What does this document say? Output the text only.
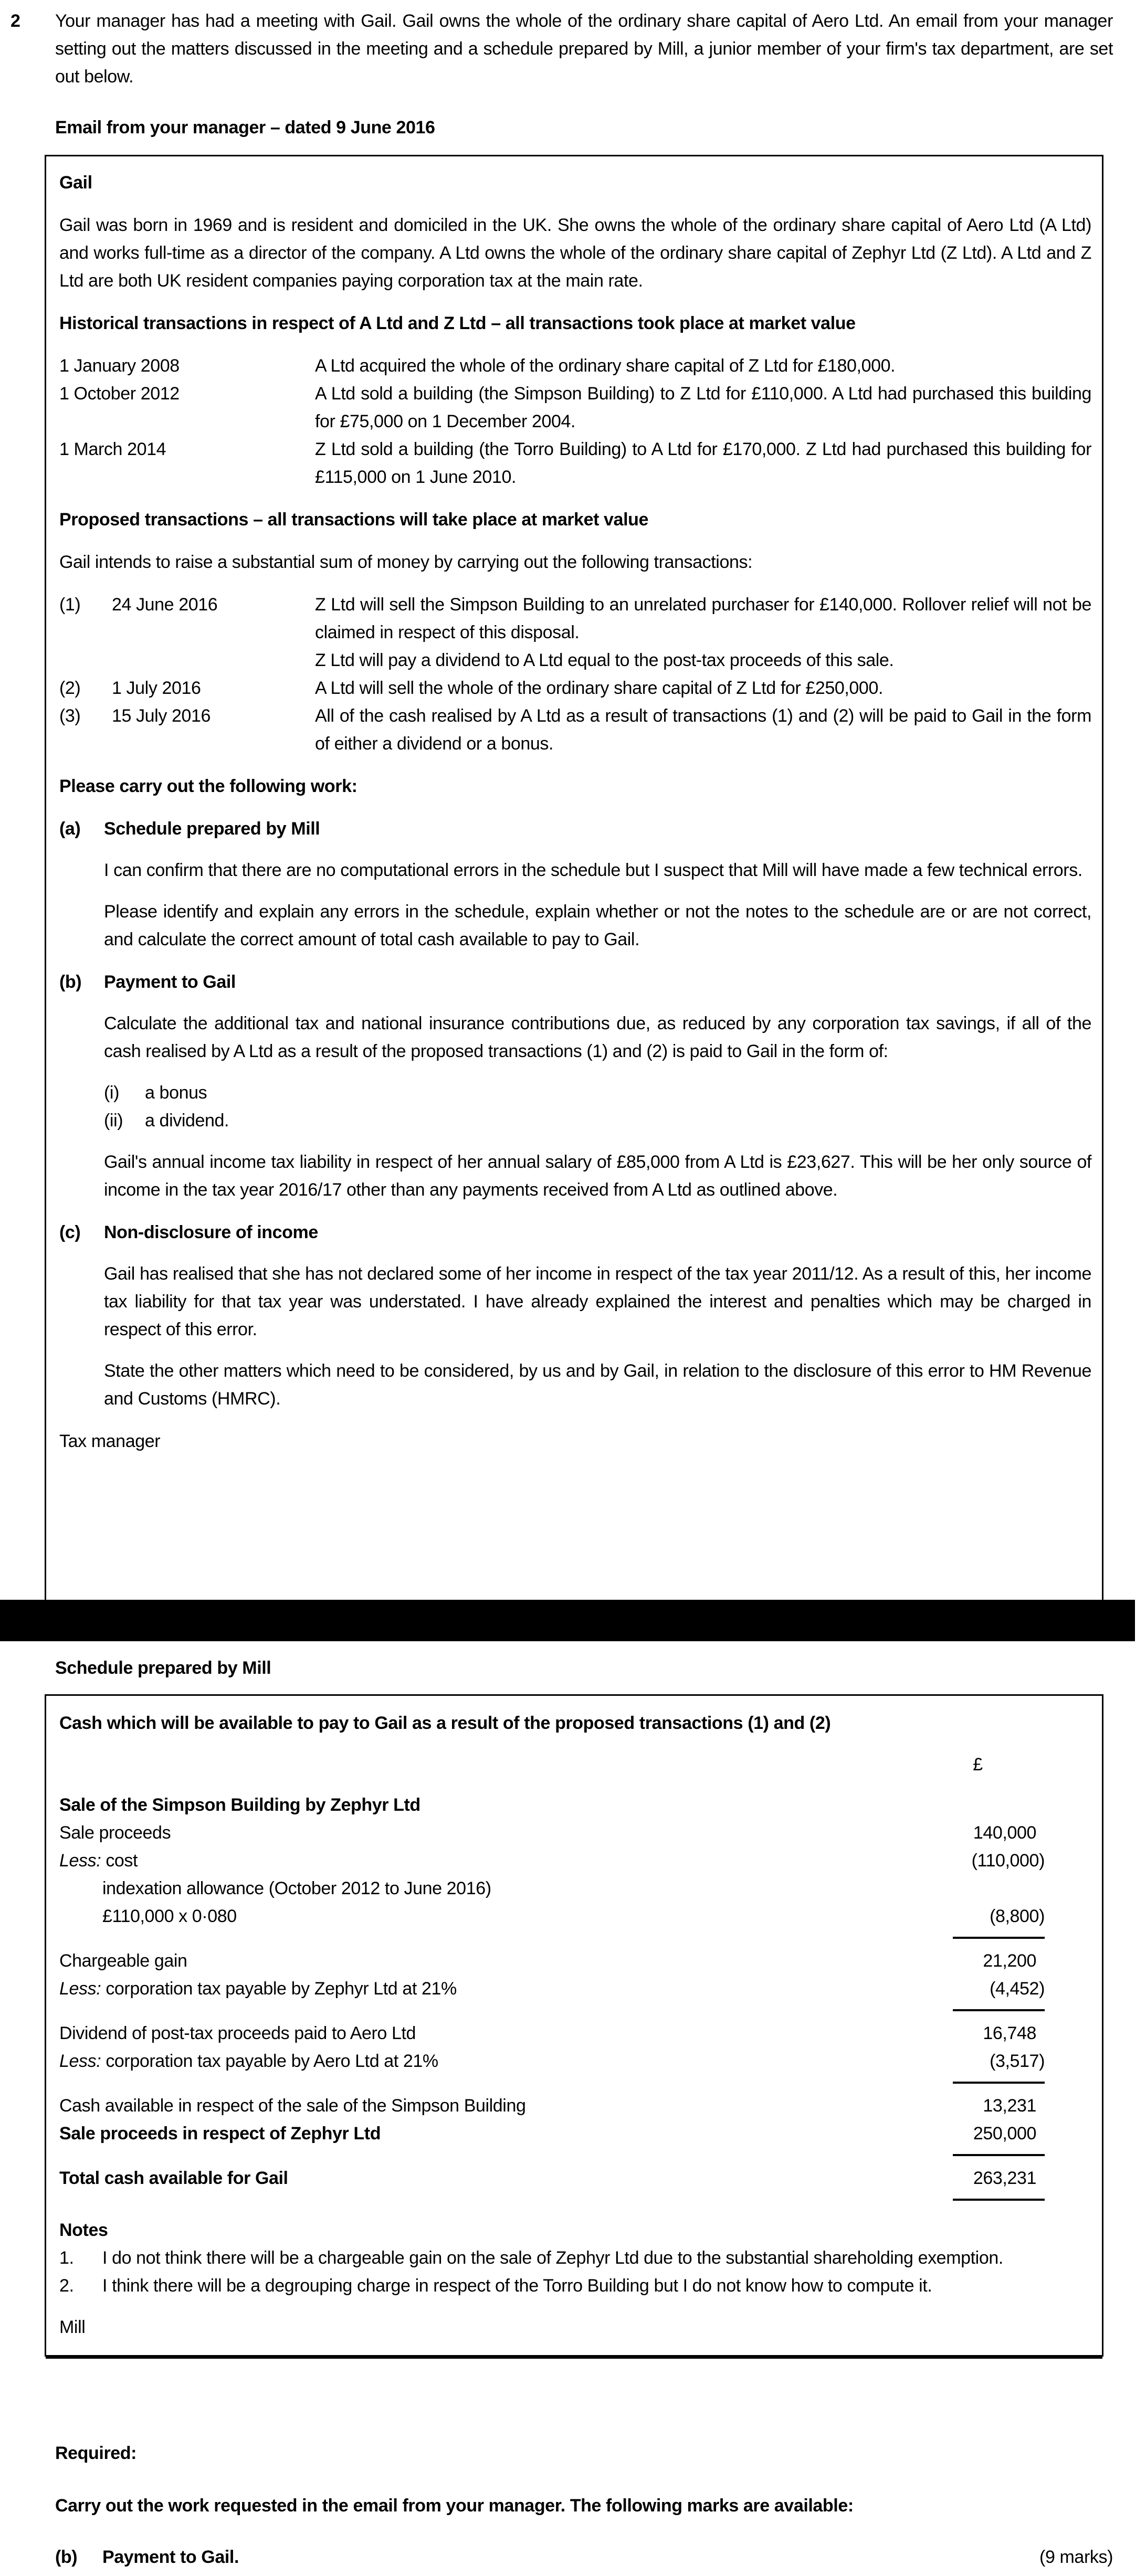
2	Your manager has had a meeting with Gail. Gail owns the whole of the ordinary share capital of Aero Ltd. An email from your manager setting out the matters discussed in the meeting and a schedule prepared by Mill, a junior member of your firm's tax department, are set out below.
Email from your manager – dated 9 June 2016
Gail
Gail was born in 1969 and is resident and domiciled in the UK. She owns the whole of the ordinary share capital of Aero Ltd (A Ltd) and works full-time as a director of the company. A Ltd owns the whole of the ordinary share capital of Zephyr Ltd (Z Ltd). A Ltd and Z Ltd are both UK resident companies paying corporation tax at the main rate.
Historical transactions in respect of A Ltd and Z Ltd – all transactions took place at market value
1 January 2008	A Ltd acquired the whole of the ordinary share capital of Z Ltd for £180,000.
1 October 2012	A Ltd sold a building (the Simpson Building) to Z Ltd for £110,000. A Ltd had purchased this building for £75,000 on 1 December 2004.
1 March 2014	Z Ltd sold a building (the Torro Building) to A Ltd for £170,000. Z Ltd had purchased this building for £115,000 on 1 June 2010.
Proposed transactions – all transactions will take place at market value
Gail intends to raise a substantial sum of money by carrying out the following transactions:
(1)	24 June 2016	Z Ltd will sell the Simpson Building to an unrelated purchaser for £140,000. Rollover relief will not be claimed in respect of this disposal.

Z Ltd will pay a dividend to A Ltd equal to the post-tax proceeds of this sale.

(2)	1 July 2016	A Ltd will sell the whole of the ordinary share capital of Z Ltd for £250,000.

(3)	15 July 2016	All of the cash realised by A Ltd as a result of transactions (1) and (2) will be paid to Gail in the form of either a dividend or a bonus.

Please carry out the following work:
(a)	Schedule prepared by Mill
I can confirm that there are no computational errors in the schedule but I suspect that Mill will have made a few technical errors.
Please identify and explain any errors in the schedule, explain whether or not the notes to the schedule are or are not correct, and calculate the correct amount of total cash available to pay to Gail.
(b)	Payment to Gail
Calculate the additional tax and national insurance contributions due, as reduced by any corporation tax savings, if all of the cash realised by A Ltd as a result of the proposed transactions (1) and (2) is paid to Gail in the form of:
(i)	a bonus
(ii)	a dividend.
Gail's annual income tax liability in respect of her annual salary of £85,000 from A Ltd is £23,627. This will be her only source of income in the tax year 2016/17 other than any payments received from A Ltd as outlined above.
(c)	Non-disclosure of income
Gail has realised that she has not declared some of her income in respect of the tax year 2011/12. As a result of this, her income tax liability for that tax year was understated. I have already explained the interest and penalties which may be charged in respect of this error.
State the other matters which need to be considered, by us and by Gail, in relation to the disclosure of this error to HM Revenue and Customs (HMRC).
Tax manager
Schedule prepared by Mill
Cash which will be available to pay to Gail as a result of the proposed transactions (1) and (2)
£
Sale of the Simpson Building by Zephyr Ltd
Sale proceeds	140,000
Less: cost	(110,000)
indexation allowance (October 2012 to June 2016)
£110,000 x 0·080	(8,800)
Chargeable gain	21,200
Less: corporation tax payable by Zephyr Ltd at 21%	(4,452)
Dividend of post-tax proceeds paid to Aero Ltd	16,748
Less: corporation tax payable by Aero Ltd at 21%	(3,517)
Cash available in respect of the sale of the Simpson Building	13,231
Sale proceeds in respect of Zephyr Ltd	250,000
Total cash available for Gail	263,231
Notes
1.	I do not think there will be a chargeable gain on the sale of Zephyr Ltd due to the substantial shareholding exemption.
2.	I think there will be a degrouping charge in respect of the Torro Building but I do not know how to compute it.
Mill
Required:
Carry out the work requested in the email from your manager. The following marks are available:
(b)	Payment to Gail.	(9 marks)
